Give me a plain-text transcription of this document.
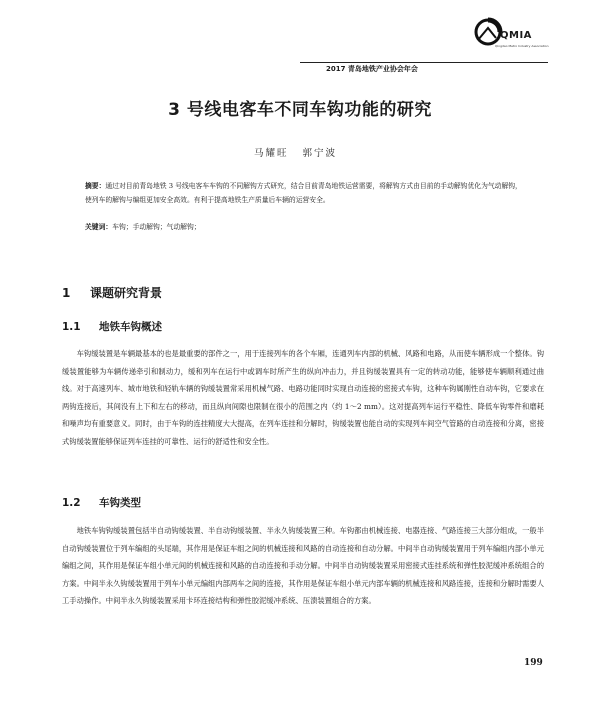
QMIA
Qingdao Metro Industry Association
2017 青岛地铁产业协会年会
3 号线电客车不同车钩功能的研究
马耀旺 郭宁波
摘要：通过对目前青岛地铁 3 号线电客车车钩的不同解钩方式研究，结合目前青岛地铁运营需要，将解钩方式由目前的手动解钩优化为气动解钩，使列车的解钩与编组更加安全高效。有利于提高地铁生产质量后车辆的运营安全。
关键词：车钩；手动解钩；气动解钩；
1 课题研究背景
1.1 地铁车钩概述
车钩缓装置是车辆最基本的也是最重要的部件之一，用于连接列车的各个车厢，连通列车内部的机械、风路和电路，从而使车辆形成一个整体。钩缓装置能够为车辆传递牵引和制动力，缓和列车在运行中或调车时所产生的纵向冲击力，并且钩缓装置具有一定的转动功能，能够使车辆顺利通过曲线。对于高速列车、城市地铁和轻轨车辆的钩缓装置常采用机械气路、电路功能同时实现自动连接的密接式车钩，这种车钩属刚性自动车钩，它要求在两钩连接后，其间没有上下和左右的移动，而且纵向间隙也限制在很小的范围之内（约 1～2 mm）。这对提高列车运行平稳性、降低车钩零件和磨耗和噪声均有重要意义。同时，由于车钩的连挂精度大大提高，在列车连挂和分解时，钩缓装置也能自动的实现列车间空气管路的自动连接和分离，密接式钩缓装置能够保证列车连挂的可靠性、运行的舒适性和安全性。
1.2 车钩类型
地铁车钩钩缓装置包括半自动钩缓装置、半自动钩缓装置、半永久钩缓装置三种。车钩都由机械连接、电器连接、气路连接三大部分组成，一般半自动钩缓装置位于列车编组的头尾端，其作用是保证车组之间的机械连接和风路的自动连接和自动分解。中间半自动钩缓装置用于列车编组内部小单元编组之间，其作用是保证车组小单元间的机械连接和风路的自动连接和手动分解。中间半自动钩缓装置采用密接式连挂系统和弹性胶泥缓冲系统组合的方案。中间半永久钩缓装置用于列车小单元编组内部两车之间的连接，其作用是保证车组小单元内部车辆的机械连接和风路连接，连接和分解时需要人工手动操作。中间半永久钩缓装置采用卡环连接结构和弹性胶泥缓冲系统、压溃装置组合的方案。
199
